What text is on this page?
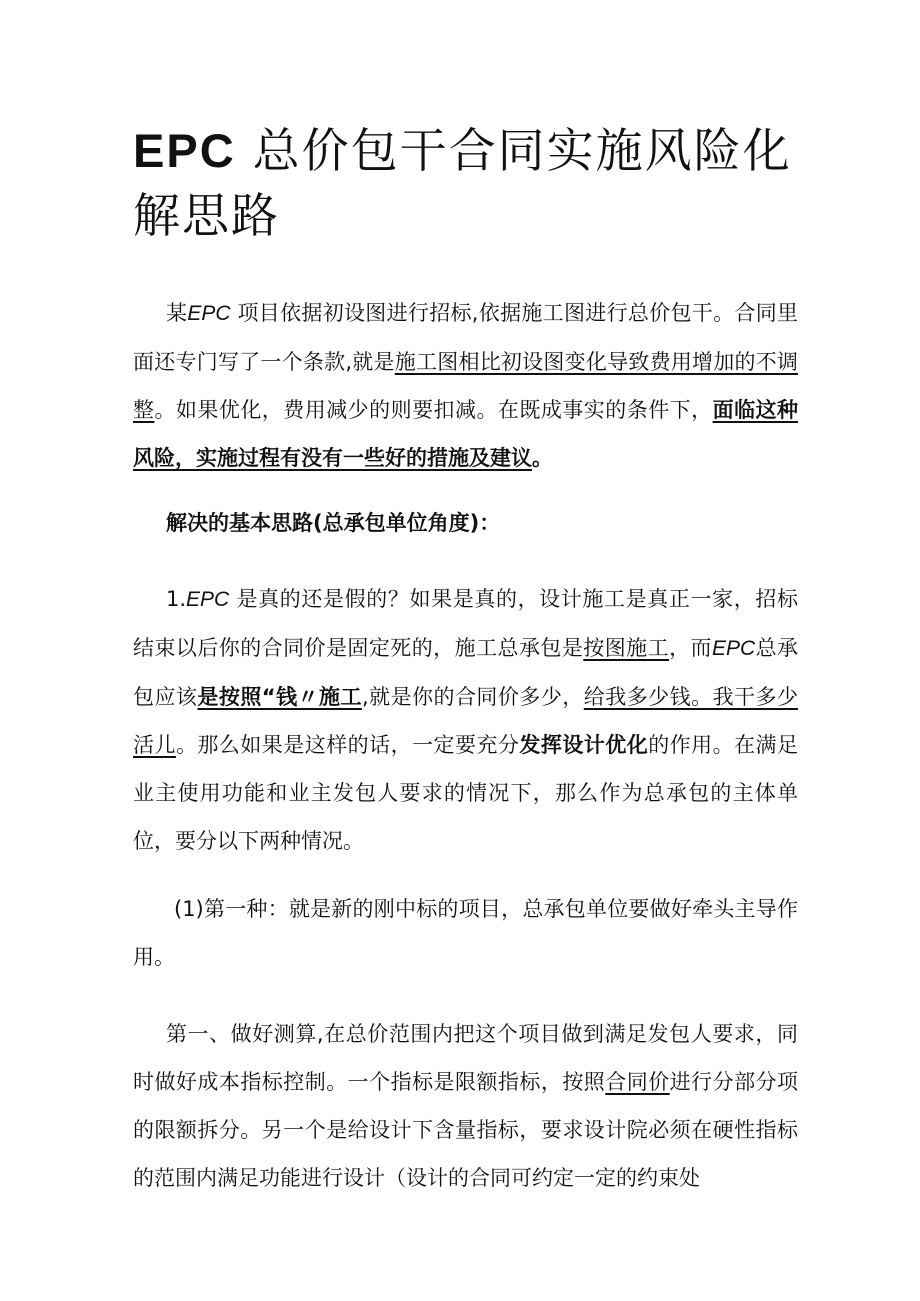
EPC 总价包干合同实施风险化解思路

某EPC 项目依据初设图进行招标,依据施工图进行总价包干。合同里面还专门写了一个条款,就是施工图相比初设图变化导致费用增加的不调整。如果优化，费用减少的则要扣减。在既成事实的条件下，面临这种风险，实施过程有没有一些好的措施及建议。

解决的基本思路(总承包单位角度)：

1.EPC 是真的还是假的？如果是真的，设计施工是真正一家，招标结束以后你的合同价是固定死的，施工总承包是按图施工，而EPC总承包应该是按照“钱〃施工,就是你的合同价多少，给我多少钱。我干多少活儿。那么如果是这样的话，一定要充分发挥设计优化的作用。在满足业主使用功能和业主发包人要求的情况下，那么作为总承包的主体单位，要分以下两种情况。

(1)第一种：就是新的刚中标的项目，总承包单位要做好牵头主导作用。

第一、做好测算,在总价范围内把这个项目做到满足发包人要求，同时做好成本指标控制。一个指标是限额指标，按照合同价进行分部分项的限额拆分。另一个是给设计下含量指标，要求设计院必须在硬性指标的范围内满足功能进行设计（设计的合同可约定一定的约束处
